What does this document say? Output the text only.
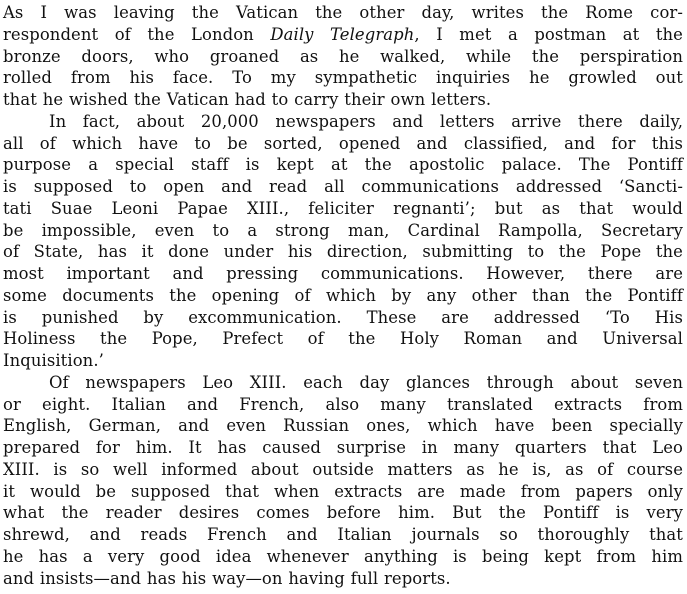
As I was leaving the Vatican the other day, writes the Rome cor-
respondent of the London Daily Telegraph, I met a postman at the
bronze doors, who groaned as he walked, while the perspiration
rolled from his face. To my sympathetic inquiries he growled out
that he wished the Vatican had to carry their own letters.
In fact, about 20,000 newspapers and letters arrive there daily,
all of which have to be sorted, opened and classified, and for this
purpose a special staff is kept at the apostolic palace. The Pontiff
is supposed to open and read all communications addressed ‘Sancti-
tati Suae Leoni Papae XIII., feliciter regnanti’; but as that would
be impossible, even to a strong man, Cardinal Rampolla, Secretary
of State, has it done under his direction, submitting to the Pope the
most important and pressing communications. However, there are
some documents the opening of which by any other than the Pontiff
is punished by excommunication. These are addressed ‘To His
Holiness the Pope, Prefect of the Holy Roman and Universal
Inquisition.’
Of newspapers Leo XIII. each day glances through about seven
or eight. Italian and French, also many translated extracts from
English, German, and even Russian ones, which have been specially
prepared for him. It has caused surprise in many quarters that Leo
XIII. is so well informed about outside matters as he is, as of course
it would be supposed that when extracts are made from papers only
what the reader desires comes before him. But the Pontiff is very
shrewd, and reads French and Italian journals so thoroughly that
he has a very good idea whenever anything is being kept from him
and insists—and has his way—on having full reports.
